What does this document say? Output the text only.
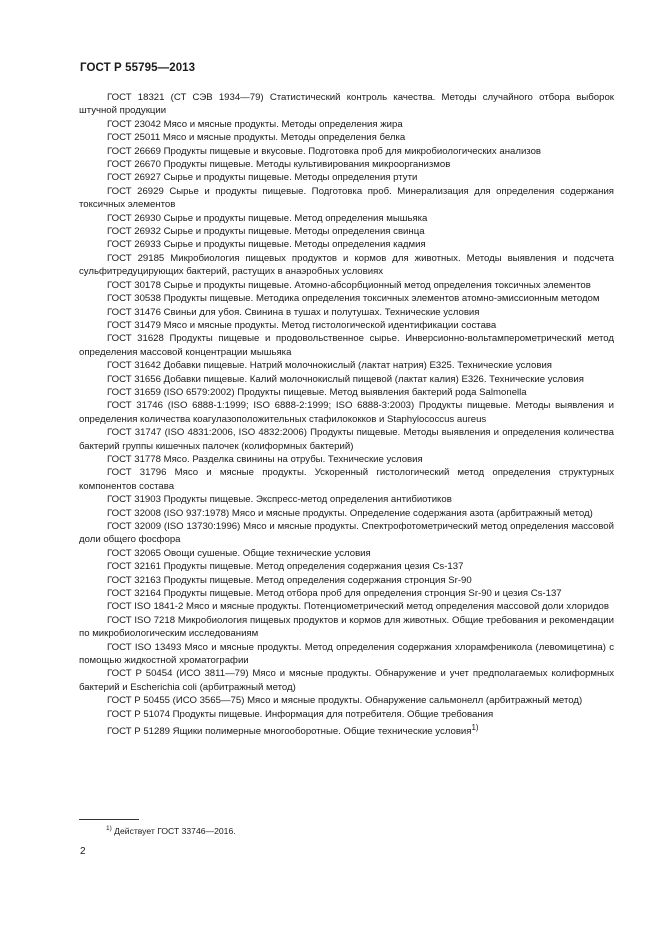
ГОСТ Р 55795—2013

ГОСТ 18321 (СТ СЭВ 1934—79) Статистический контроль качества. Методы случайного отбора выборок штучной продукции

ГОСТ 23042 Мясо и мясные продукты. Методы определения жира

ГОСТ 25011 Мясо и мясные продукты. Методы определения белка

ГОСТ 26669 Продукты пищевые и вкусовые. Подготовка проб для микробиологических анализов

ГОСТ 26670 Продукты пищевые. Методы культивирования микроорганизмов

ГОСТ 26927 Сырье и продукты пищевые. Методы определения ртути

ГОСТ 26929 Сырье и продукты пищевые. Подготовка проб. Минерализация для определения содержания токсичных элементов

ГОСТ 26930 Сырье и продукты пищевые. Метод определения мышьяка

ГОСТ 26932 Сырье и продукты пищевые. Методы определения свинца

ГОСТ 26933 Сырье и продукты пищевые. Методы определения кадмия

ГОСТ 29185 Микробиология пищевых продуктов и кормов для животных. Методы выявления и подсчета сульфитредуцирующих бактерий, растущих в анаэробных условиях

ГОСТ 30178 Сырье и продукты пищевые. Атомно-абсорбционный метод определения токсичных элементов

ГОСТ 30538 Продукты пищевые. Методика определения токсичных элементов атомно-эмиссионным методом

ГОСТ 31476 Свиньи для убоя. Свинина в тушах и полутушах. Технические условия

ГОСТ 31479 Мясо и мясные продукты. Метод гистологической идентификации состава

ГОСТ 31628 Продукты пищевые и продовольственное сырье. Инверсионно-вольтамперометрический метод определения массовой концентрации мышьяка

ГОСТ 31642 Добавки пищевые. Натрий молочнокислый (лактат натрия) Е325. Технические условия

ГОСТ 31656 Добавки пищевые. Калий молочнокислый пищевой (лактат калия) Е326. Технические условия

ГОСТ 31659 (ISO 6579:2002) Продукты пищевые. Метод выявления бактерий рода Salmonella

ГОСТ 31746 (ISO 6888-1:1999; ISO 6888-2:1999; ISO 6888-3:2003) Продукты пищевые. Методы выявления и определения количества коагулазоположительных стафилококков и Staphylococcus aureus

ГОСТ 31747 (ISO 4831:2006, ISO 4832:2006) Продукты пищевые. Методы выявления и определения количества бактерий группы кишечных палочек (колиформных бактерий)

ГОСТ 31778 Мясо. Разделка свинины на отрубы. Технические условия

ГОСТ 31796 Мясо и мясные продукты. Ускоренный гистологический метод определения структурных компонентов состава

ГОСТ 31903 Продукты пищевые. Экспресс-метод определения антибиотиков

ГОСТ 32008 (ISO 937:1978) Мясо и мясные продукты. Определение содержания азота (арбитражный метод)

ГОСТ 32009 (ISO 13730:1996) Мясо и мясные продукты. Спектрофотометрический метод определения массовой доли общего фосфора

ГОСТ 32065 Овощи сушеные. Общие технические условия

ГОСТ 32161 Продукты пищевые. Метод определения содержания цезия Cs-137

ГОСТ 32163 Продукты пищевые. Метод определения содержания стронция Sr-90

ГОСТ 32164 Продукты пищевые. Метод отбора проб для определения стронция Sr-90 и цезия Cs-137

ГОСТ ISO 1841-2 Мясо и мясные продукты. Потенциометрический метод определения массовой доли хлоридов

ГОСТ ISO 7218 Микробиология пищевых продуктов и кормов для животных. Общие требования и рекомендации по микробиологическим исследованиям

ГОСТ ISO 13493 Мясо и мясные продукты. Метод определения содержания хлорамфеникола (левомицетина) с помощью жидкостной хроматографии

ГОСТ Р 50454 (ИСО 3811—79) Мясо и мясные продукты. Обнаружение и учет предполагаемых колиформных бактерий и Escherichia coli (арбитражный метод)

ГОСТ Р 50455 (ИСО 3565—75) Мясо и мясные продукты. Обнаружение сальмонелл (арбитражный метод)

ГОСТ Р 51074 Продукты пищевые. Информация для потребителя. Общие требования

ГОСТ Р 51289 Ящики полимерные многооборотные. Общие технические условия$^{1)}$

$^{1)}$ Действует ГОСТ 33746—2016.
2
